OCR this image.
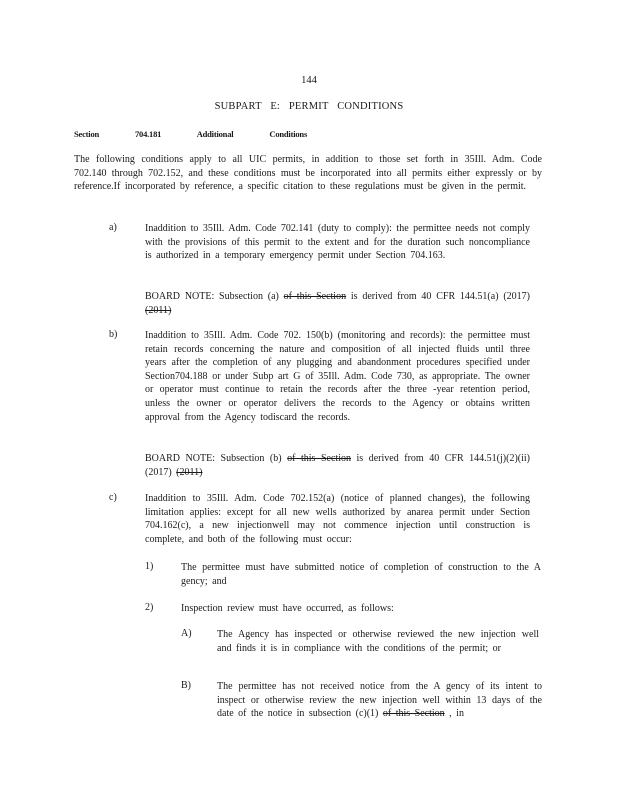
144
SUBPART E: PERMIT CONDITIONS
Section	704.181	Additional	Conditions
The following conditions apply to all UIC permits, in addition to those set forth in 35Ill. Adm. Code 702.140 through 702.152, and these conditions must be incorporated into all permits either expressly or by reference.If incorporated by reference, a specific citation to these regulations must be given in the permit.
a)	Inaddition to 35Ill. Adm. Code 702.141 (duty to comply): the permittee needs not comply with the provisions of this permit to the extent and for the duration such noncompliance is authorized in a temporary emergency permit under Section 704.163.
BOARD NOTE: Subsection (a) of this Section is derived from 40 CFR 144.51(a) (2017) (2011)
b)	Inaddition to 35Ill. Adm. Code 702. 150(b) (monitoring and records): the permittee must retain records concerning the nature and composition of all injected fluids until three years after the completion of any plugging and abandonment procedures specified under Section704.188 or under Subp art G of 35Ill. Adm. Code 730, as appropriate. The owner or operator must continue to retain the records after the three -year retention period, unless the owner or operator delivers the records to the Agency or obtains written approval from the Agency todiscard the records.
BOARD NOTE: Subsection (b) of this Section is derived from 40 CFR 144.51(j)(2)(ii) (2017) (2011)
c)	Inaddition to 35Ill. Adm. Code 702.152(a) (notice of planned changes), the following limitation applies: except for all new wells authorized by anarea permit under Section 704.162(c), a new injectionwell may not commence injection until construction is complete, and both of the following must occur:
1)	The permittee must have submitted notice of completion of construction to the A gency; and
2)	Inspection review must have occurred, as follows:
A)	The Agency has inspected or otherwise reviewed the new injection well and finds it is in compliance with the conditions of the permit; or
B)	The permittee has not received notice from the A gency of its intent to inspect or otherwise review the new injection well within 13 days of the date of the notice in subsection (c)(1) of this Section , in
